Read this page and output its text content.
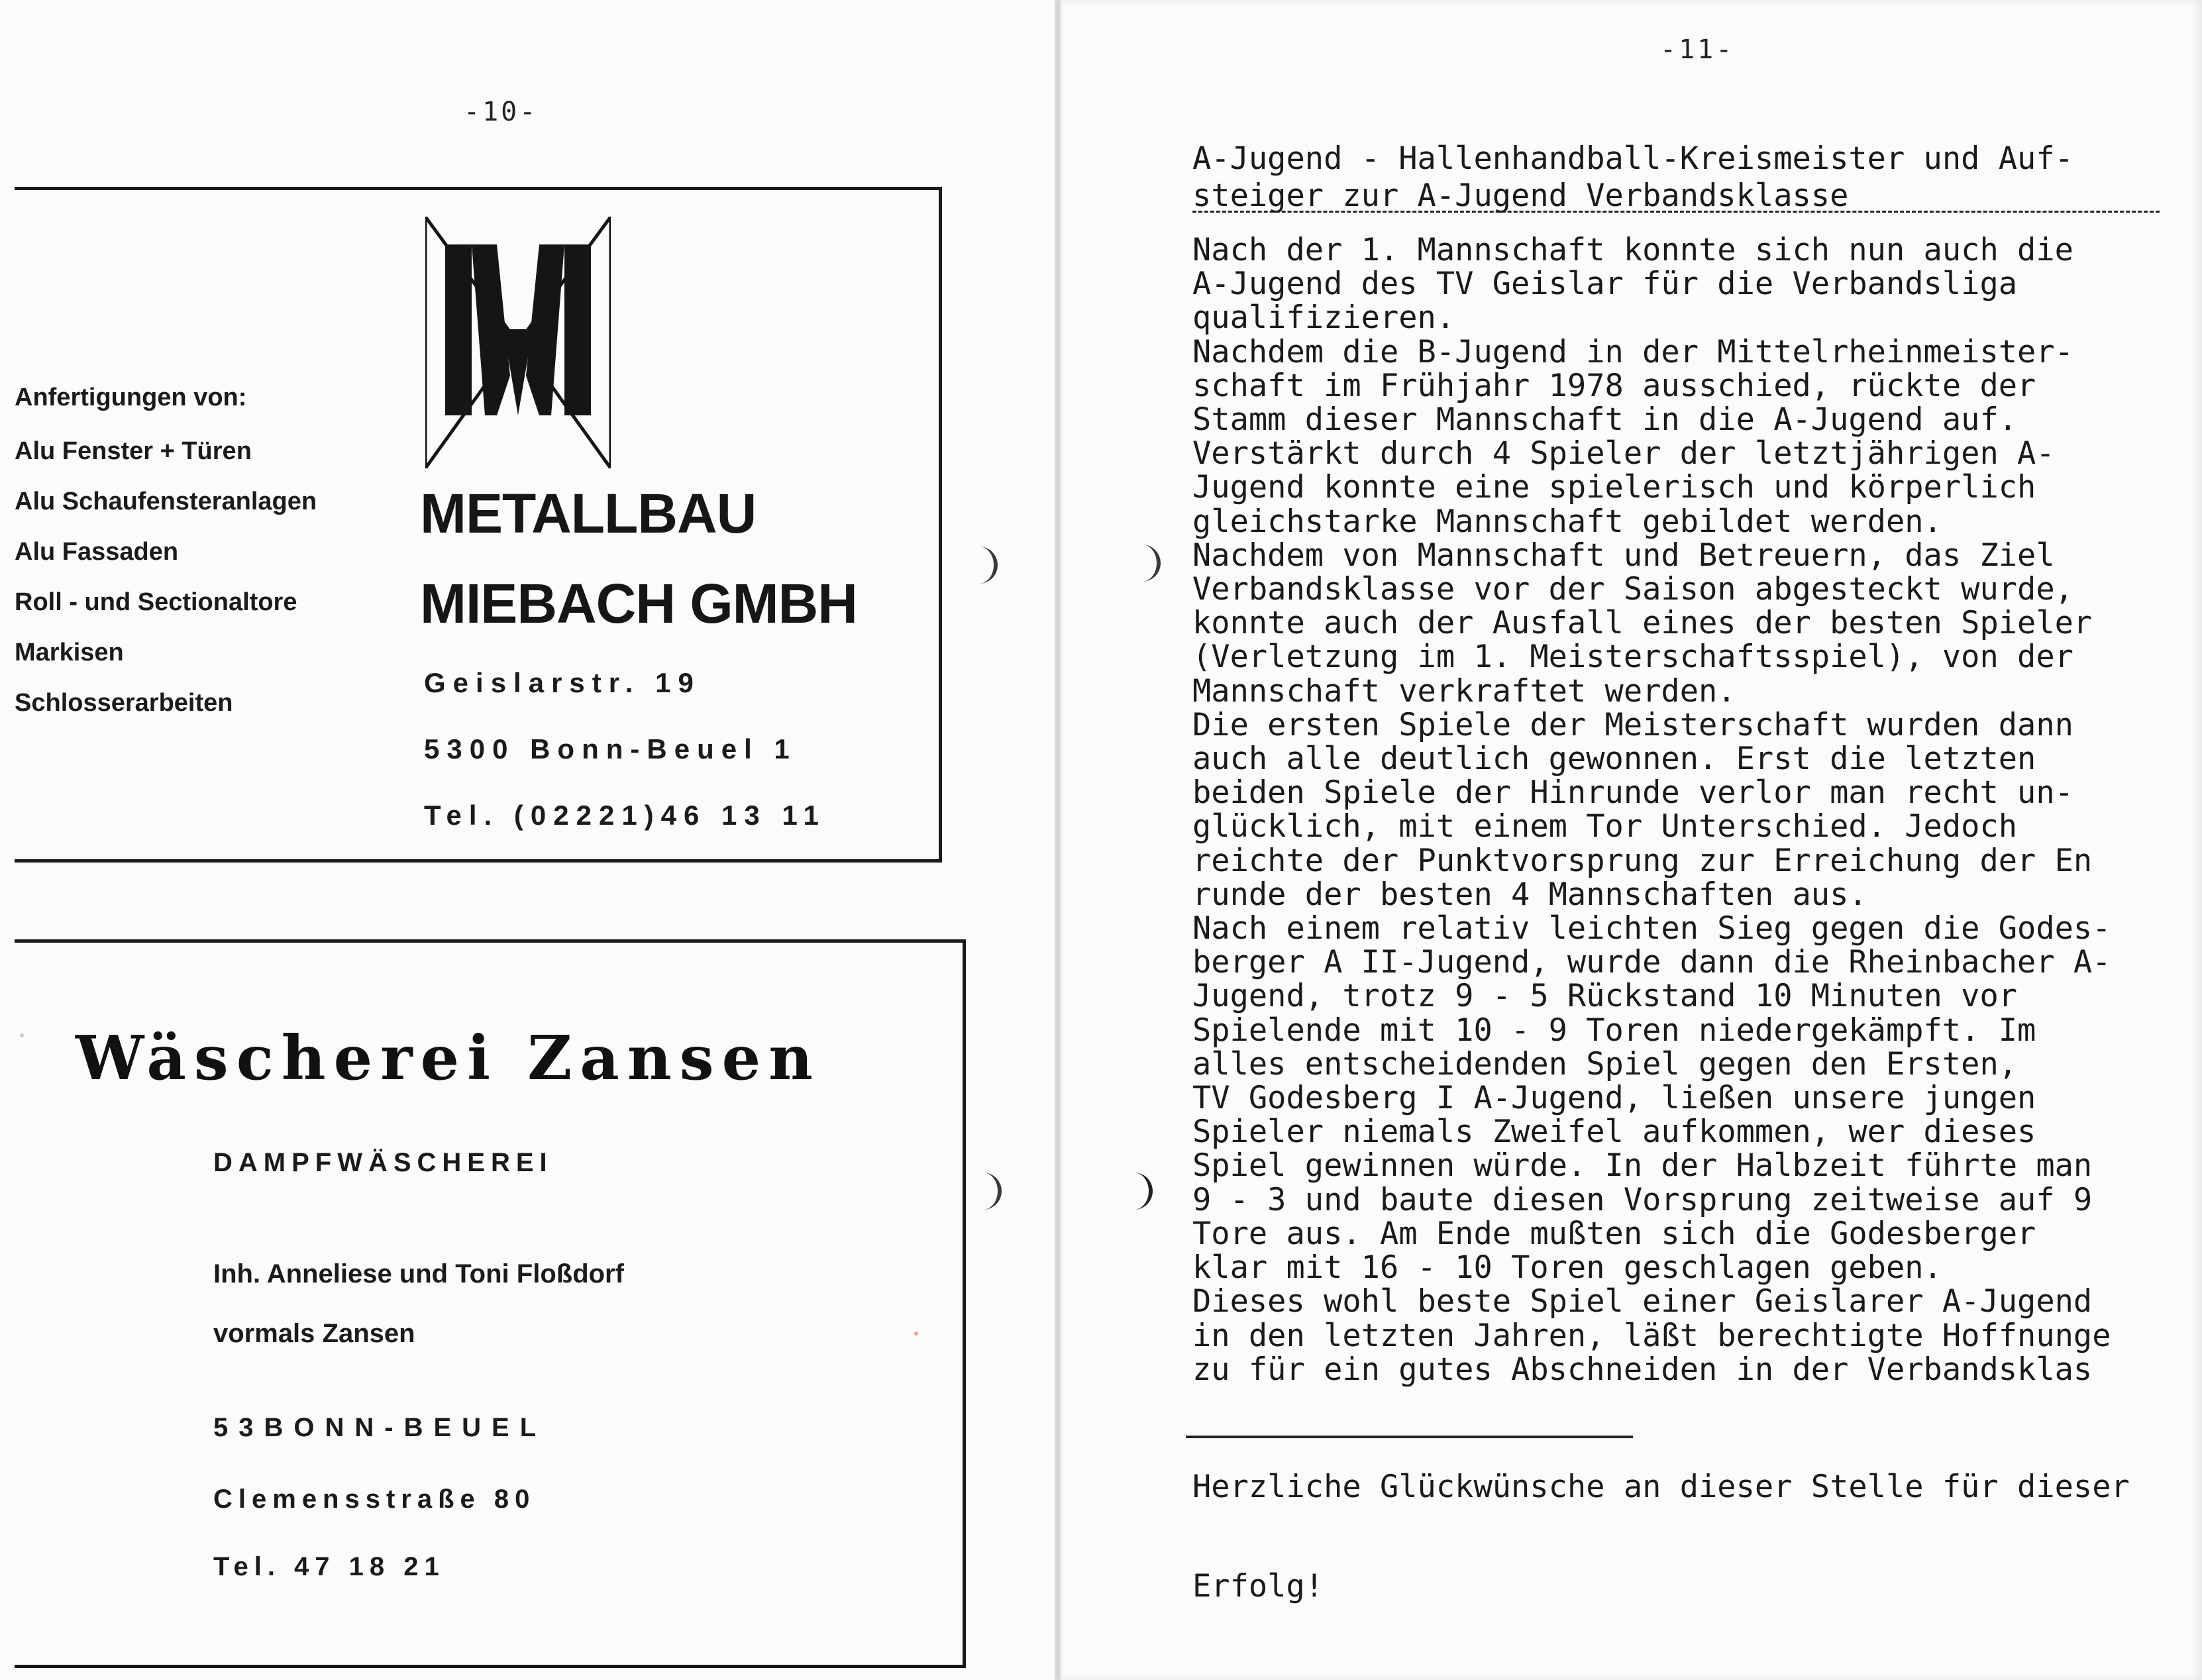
-10-
Anfertigungen von:
Alu Fenster + Türen
Alu Schaufensteranlagen
Alu Fassaden
Roll - und Sectionaltore
Markisen
Schlosserarbeiten
METALLBAU
MIEBACH GMBH
Geislarstr. 19
5300 Bonn-Beuel 1
Tel. (02221)46 13 11
Wäscherei Zansen
DAMPFWÄSCHEREI
Inh. Anneliese und Toni Floßdorf
vormals Zansen
53BONN-BEUEL
Clemensstraße 80
Tel. 47 18 21
-11-
A-Jugend - Hallenhandball-Kreismeister und Auf-
steiger zur A-Jugend Verbandsklasse
Nach der 1. Mannschaft konnte sich nun auch die
A-Jugend des TV Geislar für die Verbandsliga
qualifizieren.
Nachdem die B-Jugend in der Mittelrheinmeister-
schaft im Frühjahr 1978 ausschied, rückte der
Stamm dieser Mannschaft in die A-Jugend auf.
Verstärkt durch 4 Spieler der letztjährigen A-
Jugend konnte eine spielerisch und körperlich
gleichstarke Mannschaft gebildet werden.
Nachdem von Mannschaft und Betreuern, das Ziel
Verbandsklasse vor der Saison abgesteckt wurde,
konnte auch der Ausfall eines der besten Spieler
(Verletzung im 1. Meisterschaftsspiel), von der
Mannschaft verkraftet werden.
Die ersten Spiele der Meisterschaft wurden dann
auch alle deutlich gewonnen. Erst die letzten
beiden Spiele der Hinrunde verlor man recht un-
glücklich, mit einem Tor Unterschied. Jedoch
reichte der Punktvorsprung zur Erreichung der En
runde der besten 4 Mannschaften aus.
Nach einem relativ leichten Sieg gegen die Godes-
berger A II-Jugend, wurde dann die Rheinbacher A-
Jugend, trotz 9 - 5 Rückstand 10 Minuten vor
Spielende mit 10 - 9 Toren niedergekämpft. Im
alles entscheidenden Spiel gegen den Ersten,
TV Godesberg I A-Jugend, ließen unsere jungen
Spieler niemals Zweifel aufkommen, wer dieses
Spiel gewinnen würde. In der Halbzeit führte man
9 - 3 und baute diesen Vorsprung zeitweise auf 9
Tore aus. Am Ende mußten sich die Godesberger
klar mit 16 - 10 Toren geschlagen geben.
Dieses wohl beste Spiel einer Geislarer A-Jugend
in den letzten Jahren, läßt berechtigte Hoffnunge
zu für ein gutes Abschneiden in der Verbandsklas

Herzliche Glückwünsche an dieser Stelle für dieser

Erfolg!
